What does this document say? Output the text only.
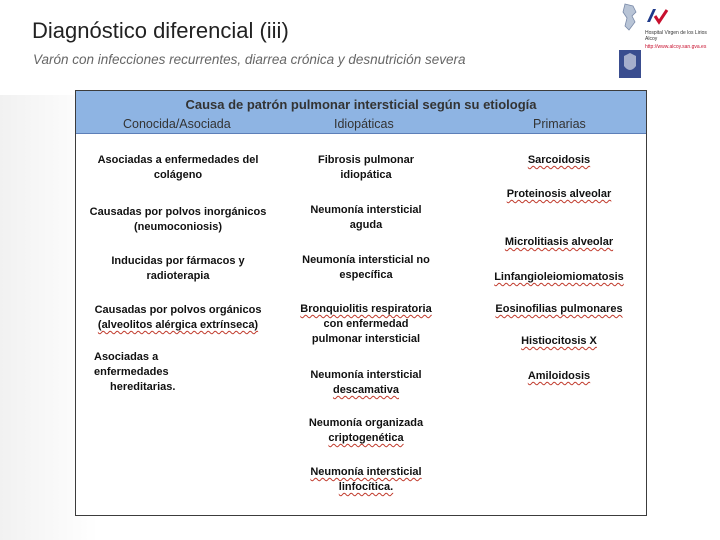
Diagnóstico diferencial (iii)
Varón con infecciones recurrentes, diarrea crónica y desnutrición severa
Hospital Virgen de los Lirios
Alcoy
http://www.alcoy.san.gva.es
Causa de patrón pulmonar intersticial según su etiología
Conocida/Asociada	Idiopáticas	Primarias
Asociadas a enfermedades del
colágeno
Causadas por polvos inorgánicos
(neumoconiosis)
Inducidas por fármacos y
radioterapia
Causadas por polvos orgánicos
(alveolitos alérgica extrínseca)
Asociadas a enfermedades
hereditarias.
Fibrosis pulmonar
idiopática
Neumonía intersticial
aguda
Neumonía intersticial no
específica
Bronquiolitis respiratoria
con enfermedad
pulmonar intersticial
Neumonía intersticial
descamativa
Neumonía organizada
criptogenética
Neumonía intersticial
linfocítica.
Sarcoidosis
Proteinosis alveolar
Microlitiasis alveolar
Linfangioleiomiomatosis
Eosinofilias pulmonares
Histiocitosis X
Amiloidosis
